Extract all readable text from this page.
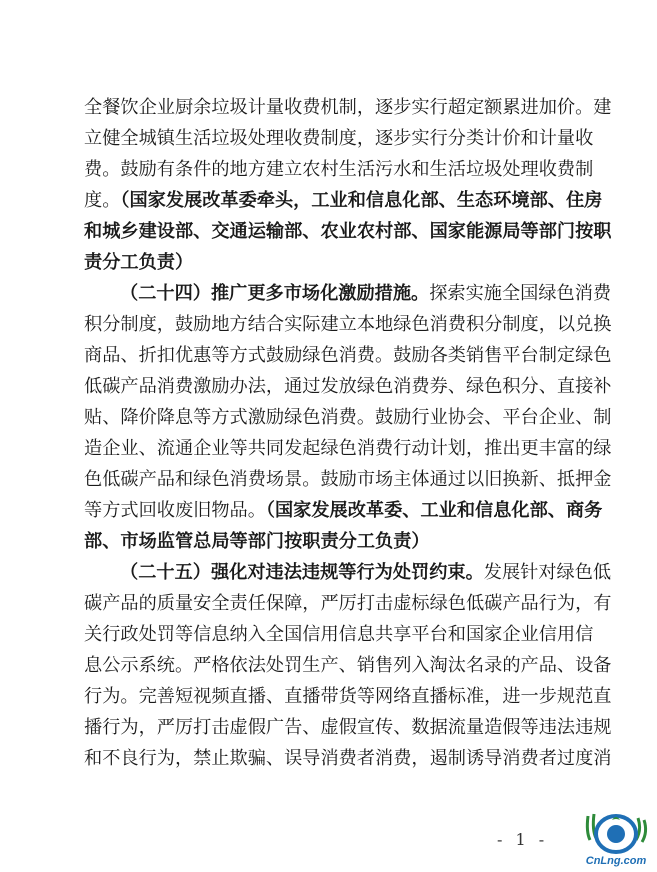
全餐饮企业厨余垃圾计量收费机制，逐步实行超定额累进加价。建
立健全城镇生活垃圾处理收费制度，逐步实行分类计价和计量收
费。鼓励有条件的地方建立农村生活污水和生活垃圾处理收费制
度。（国家发展改革委牵头，工业和信息化部、生态环境部、住房
和城乡建设部、交通运输部、农业农村部、国家能源局等部门按职
责分工负责）
（二十四）推广更多市场化激励措施。探索实施全国绿色消费
积分制度，鼓励地方结合实际建立本地绿色消费积分制度，以兑换
商品、折扣优惠等方式鼓励绿色消费。鼓励各类销售平台制定绿色
低碳产品消费激励办法，通过发放绿色消费券、绿色积分、直接补
贴、降价降息等方式激励绿色消费。鼓励行业协会、平台企业、制
造企业、流通企业等共同发起绿色消费行动计划，推出更丰富的绿
色低碳产品和绿色消费场景。鼓励市场主体通过以旧换新、抵押金
等方式回收废旧物品。（国家发展改革委、工业和信息化部、商务
部、市场监管总局等部门按职责分工负责）
（二十五）强化对违法违规等行为处罚约束。发展针对绿色低
碳产品的质量安全责任保障，严厉打击虚标绿色低碳产品行为，有
关行政处罚等信息纳入全国信用信息共享平台和国家企业信用信
息公示系统。严格依法处罚生产、销售列入淘汰名录的产品、设备
行为。完善短视频直播、直播带货等网络直播标准，进一步规范直
播行为，严厉打击虚假广告、虚假宣传、数据流量造假等违法违规
和不良行为，禁止欺骗、误导消费者消费，遏制诱导消费者过度消
- 1 -
CnLng.com
